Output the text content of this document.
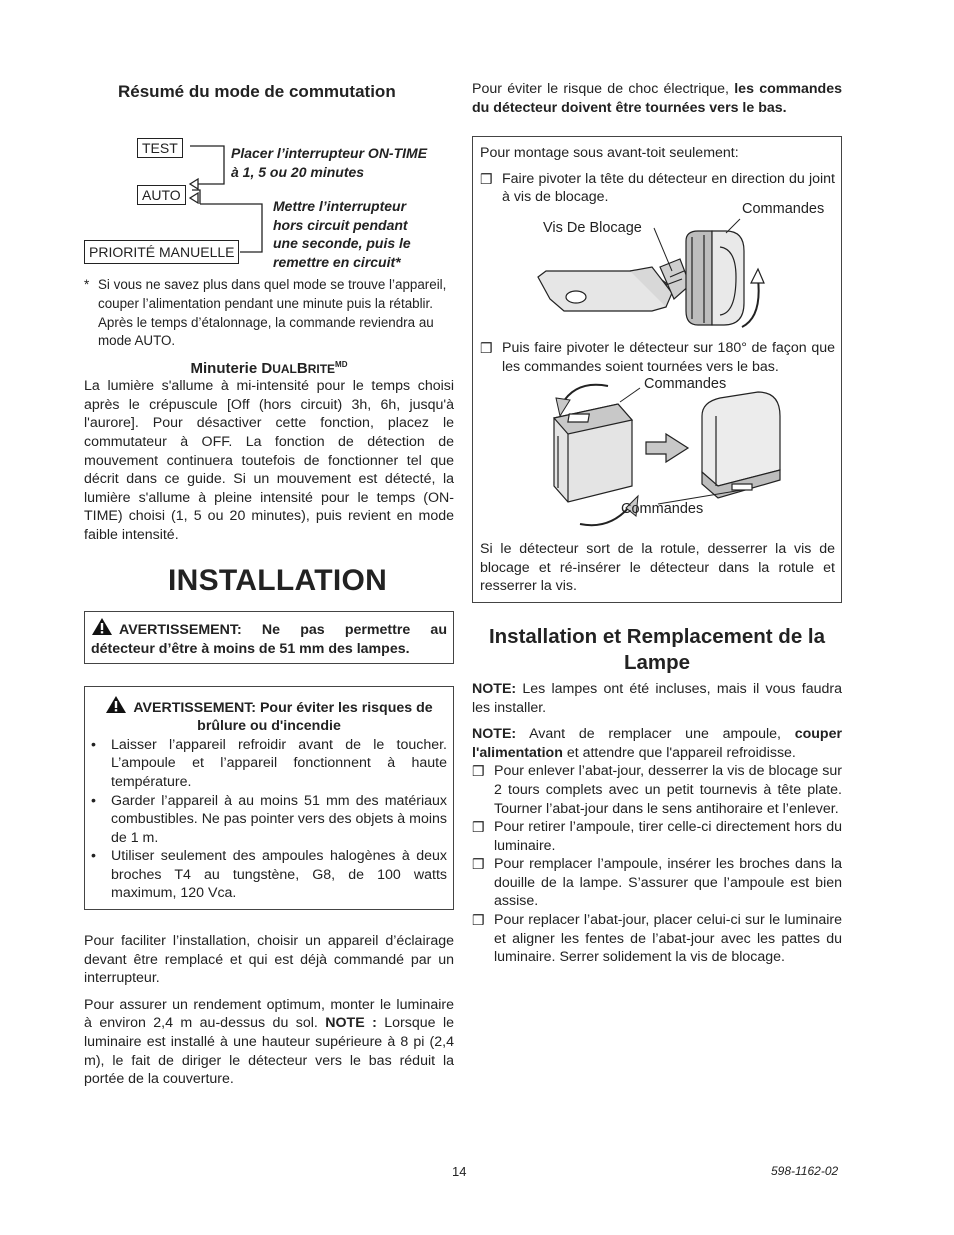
Résumé du mode de commutation
TEST
AUTO
PRIORITÉ MANUELLE
Placer l’interrupteur ON-TIME
à 1, 5 ou 20 minutes
Mettre l’interrupteur
hors circuit pendant
une seconde, puis le
remettre en circuit*
* Si vous ne savez plus dans quel mode se trouve l’appareil, couper l’alimentation pendant une minute puis la rétablir. Après le temps d’étalonnage, la commande reviendra au mode AUTO.
Minuterie $DUALBRITE^{MD}$

La lumière s'allume à mi-intensité pour le temps choisi après le crépuscule [Off (hors circuit) 3h, 6h, jusqu'à l'aurore]. Pour désactiver cette fonction, placez le commutateur à OFF. La fonction de détection de mouvement continuera toutefois de fonctionner tel que décrit dans ce guide. Si un mouvement est détecté, la lumière s'allume à pleine intensité pour le temps (ON-TIME) choisi (1, 5 ou 20 minutes), puis revient en mode faible intensité.

INSTALLATION
AVERTISSEMENT: Ne pas permettre au détecteur d’être à moins de 51 mm des lampes.
AVERTISSEMENT: Pour éviter les risques de brûlure ou d'incendie
•	Laisser l’appareil refroidir avant de le toucher. L’ampoule et l’appareil fonctionnent à haute température.
•	Garder l’appareil à au moins 51 mm des matériaux combustibles. Ne pas pointer vers des objets à moins de 1 m.
•	Utiliser seulement des ampoules halogènes à deux broches T4 au tungstène, G8, de 100 watts maximum, 120 Vca.

Pour faciliter l’installation, choisir un appareil d’éclairage devant être remplacé et qui est déjà commandé par un interrupteur.

Pour assurer un rendement optimum, monter le luminaire à environ 2,4 m au-dessus du sol. NOTE : Lorsque le luminaire est installé à une hauteur supérieure à 8 pi (2,4 m), le fait de diriger le détecteur vers le bas réduit la portée de la couverture.

Pour éviter le risque de choc électrique, les commandes du détecteur doivent être tournées vers le bas.

Pour montage sous avant-toit seulement:

❒ Faire pivoter la tête du détecteur en direction du joint à vis de blocage.
Vis De Blocage
Commandes
❒ Puis faire pivoter le détecteur sur 180° de façon que les commandes soient tournées vers le bas.
Commandes
Commandes

Si le détecteur sort de la rotule, desserrer la vis de blocage et ré-insérer le détecteur dans la rotule et resserrer la vis.

Installation et Remplacement de la
Lampe

NOTE: Les lampes ont été incluses, mais il vous faudra les installer.

NOTE: Avant de remplacer une ampoule, couper l'alimentation et attendre que l'appareil refroidisse.

❒ Pour enlever l’abat-jour, desserrer la vis de blocage sur 2 tours complets avec un petit tournevis à tête plate. Tourner l’abat-jour dans le sens antihoraire et l’enlever.
❒ Pour retirer l’ampoule, tirer celle-ci directement hors du luminaire.
❒ Pour remplacer l’ampoule, insérer les broches dans la douille de la lampe. S’assurer que l’ampoule est bien assise.
❒ Pour replacer l’abat-jour, placer celui-ci sur le luminaire et aligner les fentes de l’abat-jour avec les pattes du luminaire. Serrer solidement la vis de blocage.
14	598-1162-02
